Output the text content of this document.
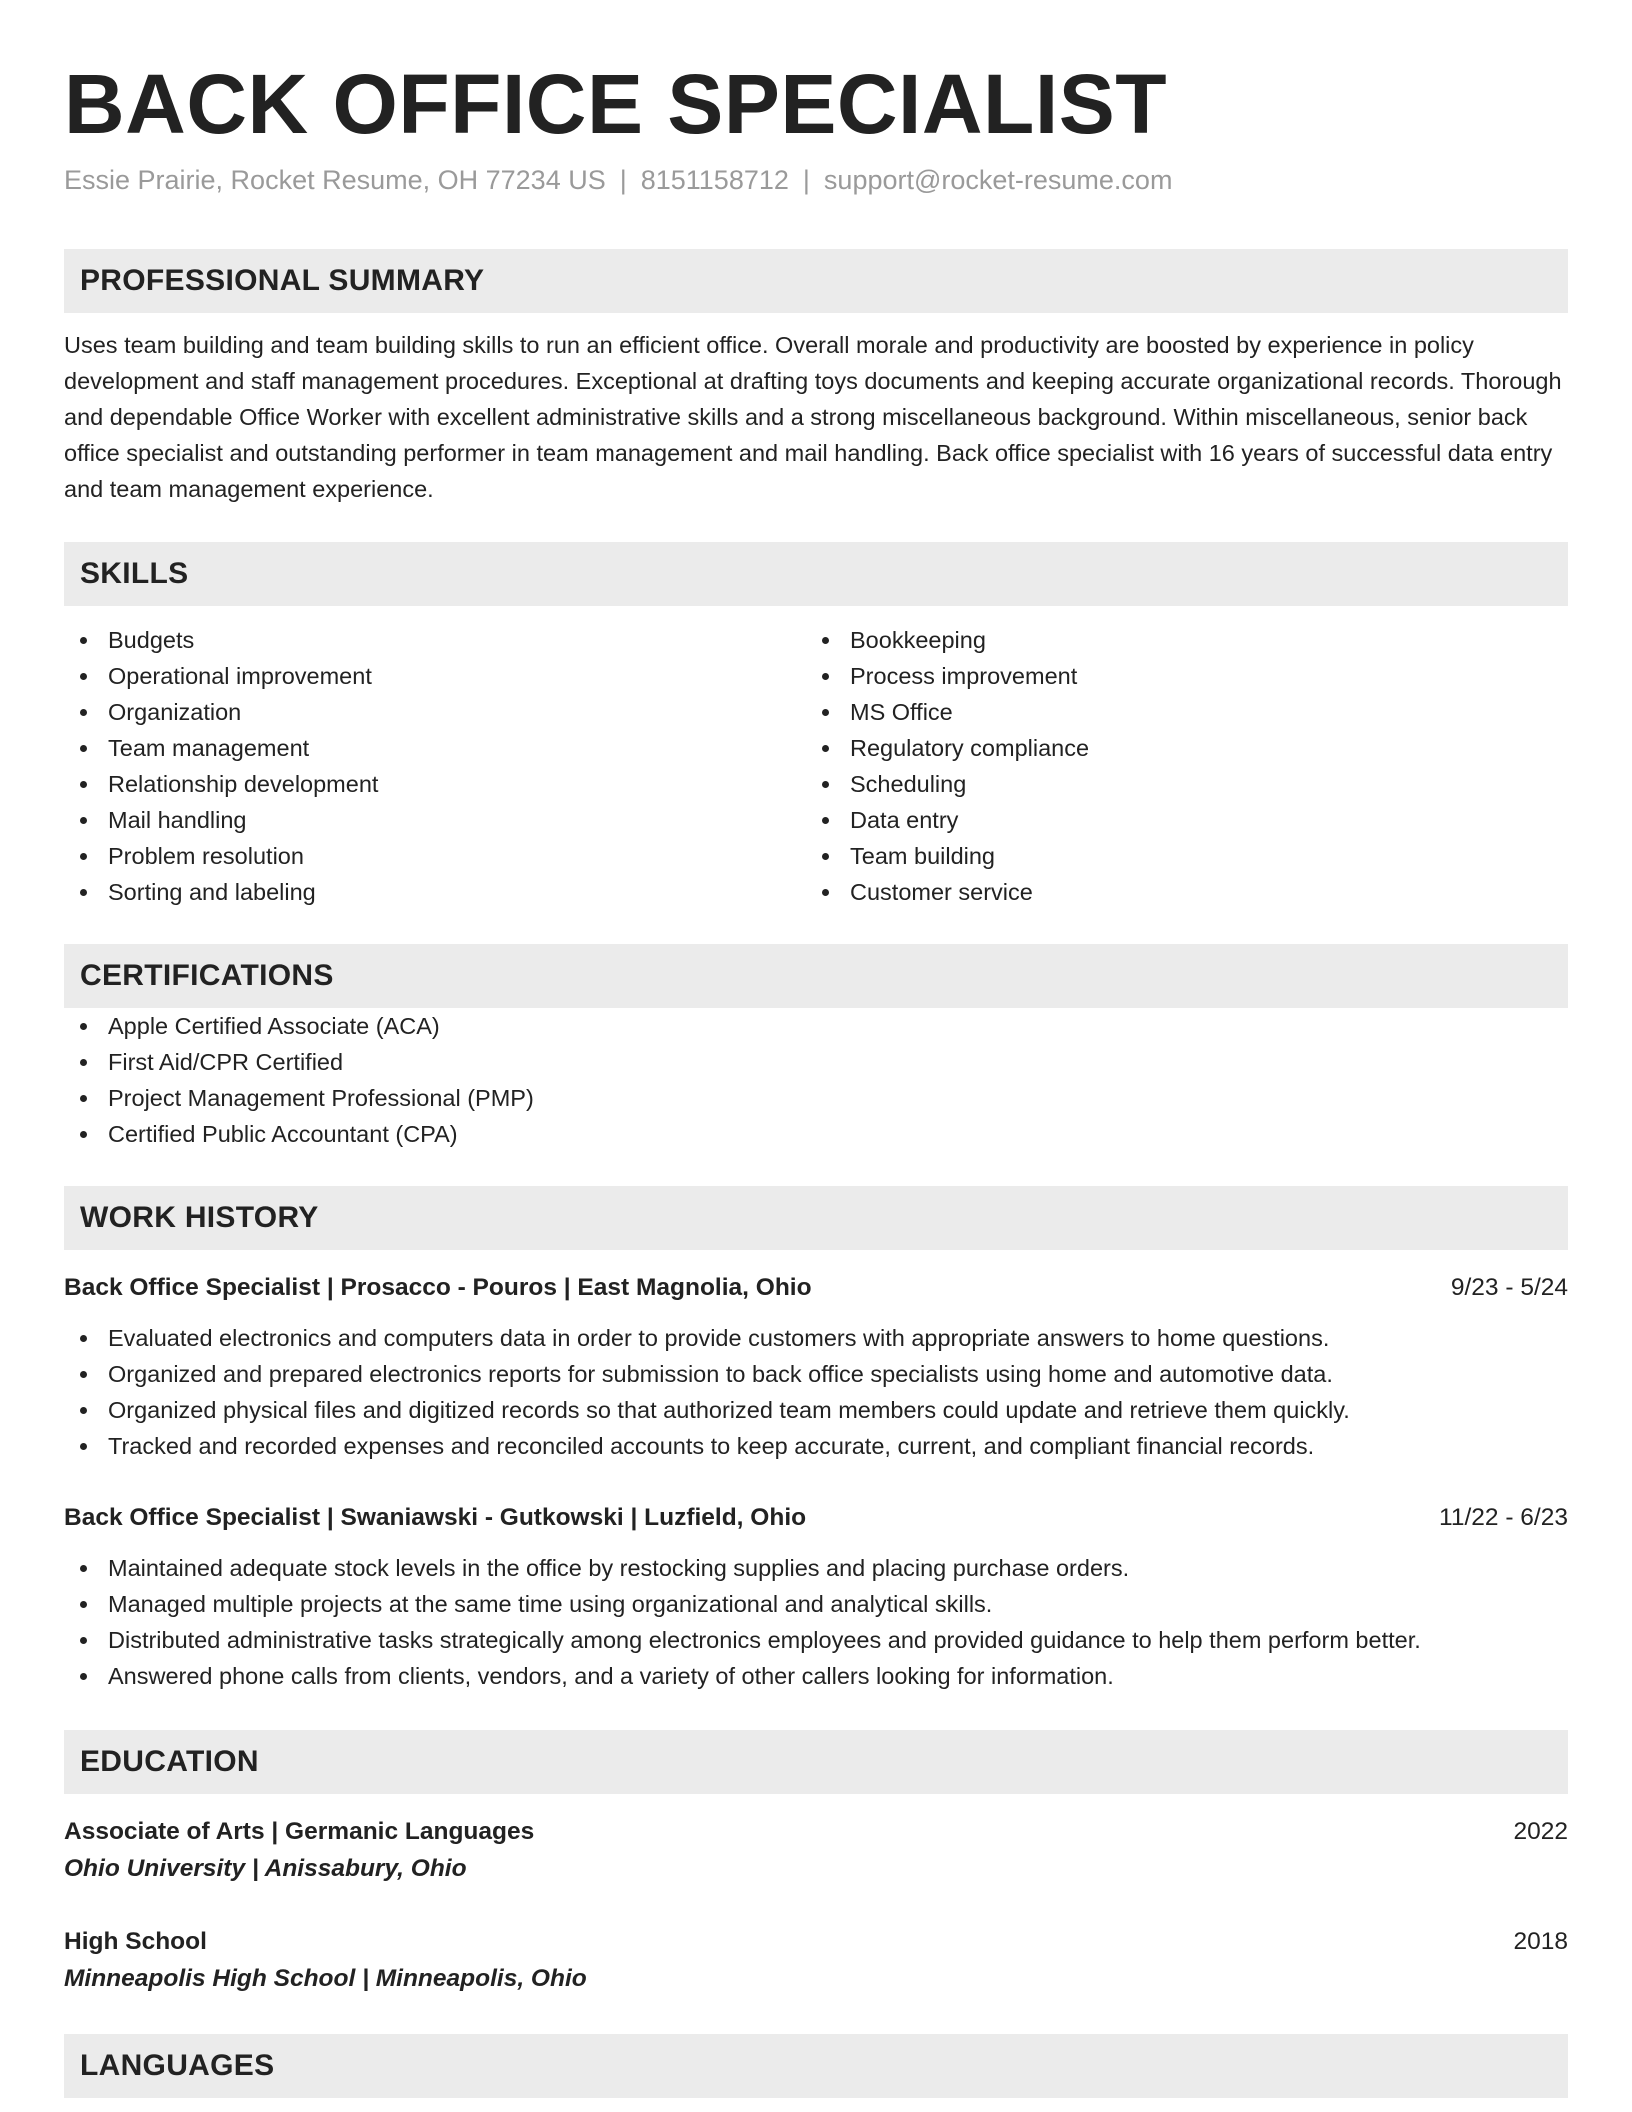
BACK OFFICE SPECIALIST
Essie Prairie, Rocket Resume, OH 77234 US | 8151158712 | support@rocket-resume.com
PROFESSIONAL SUMMARY
Uses team building and team building skills to run an efficient office. Overall morale and productivity are boosted by experience in policy development and staff management procedures. Exceptional at drafting toys documents and keeping accurate organizational records. Thorough and dependable Office Worker with excellent administrative skills and a strong miscellaneous background. Within miscellaneous, senior back office specialist and outstanding performer in team management and mail handling. Back office specialist with 16 years of successful data entry and team management experience.
SKILLS
Budgets
Operational improvement
Organization
Team management
Relationship development
Mail handling
Problem resolution
Sorting and labeling
Bookkeeping
Process improvement
MS Office
Regulatory compliance
Scheduling
Data entry
Team building
Customer service
CERTIFICATIONS
Apple Certified Associate (ACA)
First Aid/CPR Certified
Project Management Professional (PMP)
Certified Public Accountant (CPA)
WORK HISTORY
Back Office Specialist | Prosacco - Pouros | East Magnolia, Ohio	9/23 - 5/24
Evaluated electronics and computers data in order to provide customers with appropriate answers to home questions.
Organized and prepared electronics reports for submission to back office specialists using home and automotive data.
Organized physical files and digitized records so that authorized team members could update and retrieve them quickly.
Tracked and recorded expenses and reconciled accounts to keep accurate, current, and compliant financial records.
Back Office Specialist | Swaniawski - Gutkowski | Luzfield, Ohio	11/22 - 6/23
Maintained adequate stock levels in the office by restocking supplies and placing purchase orders.
Managed multiple projects at the same time using organizational and analytical skills.
Distributed administrative tasks strategically among electronics employees and provided guidance to help them perform better.
Answered phone calls from clients, vendors, and a variety of other callers looking for information.
EDUCATION
Associate of Arts | Germanic Languages	2022
Ohio University | Anissabury, Ohio
High School	2018
Minneapolis High School | Minneapolis, Ohio
LANGUAGES
